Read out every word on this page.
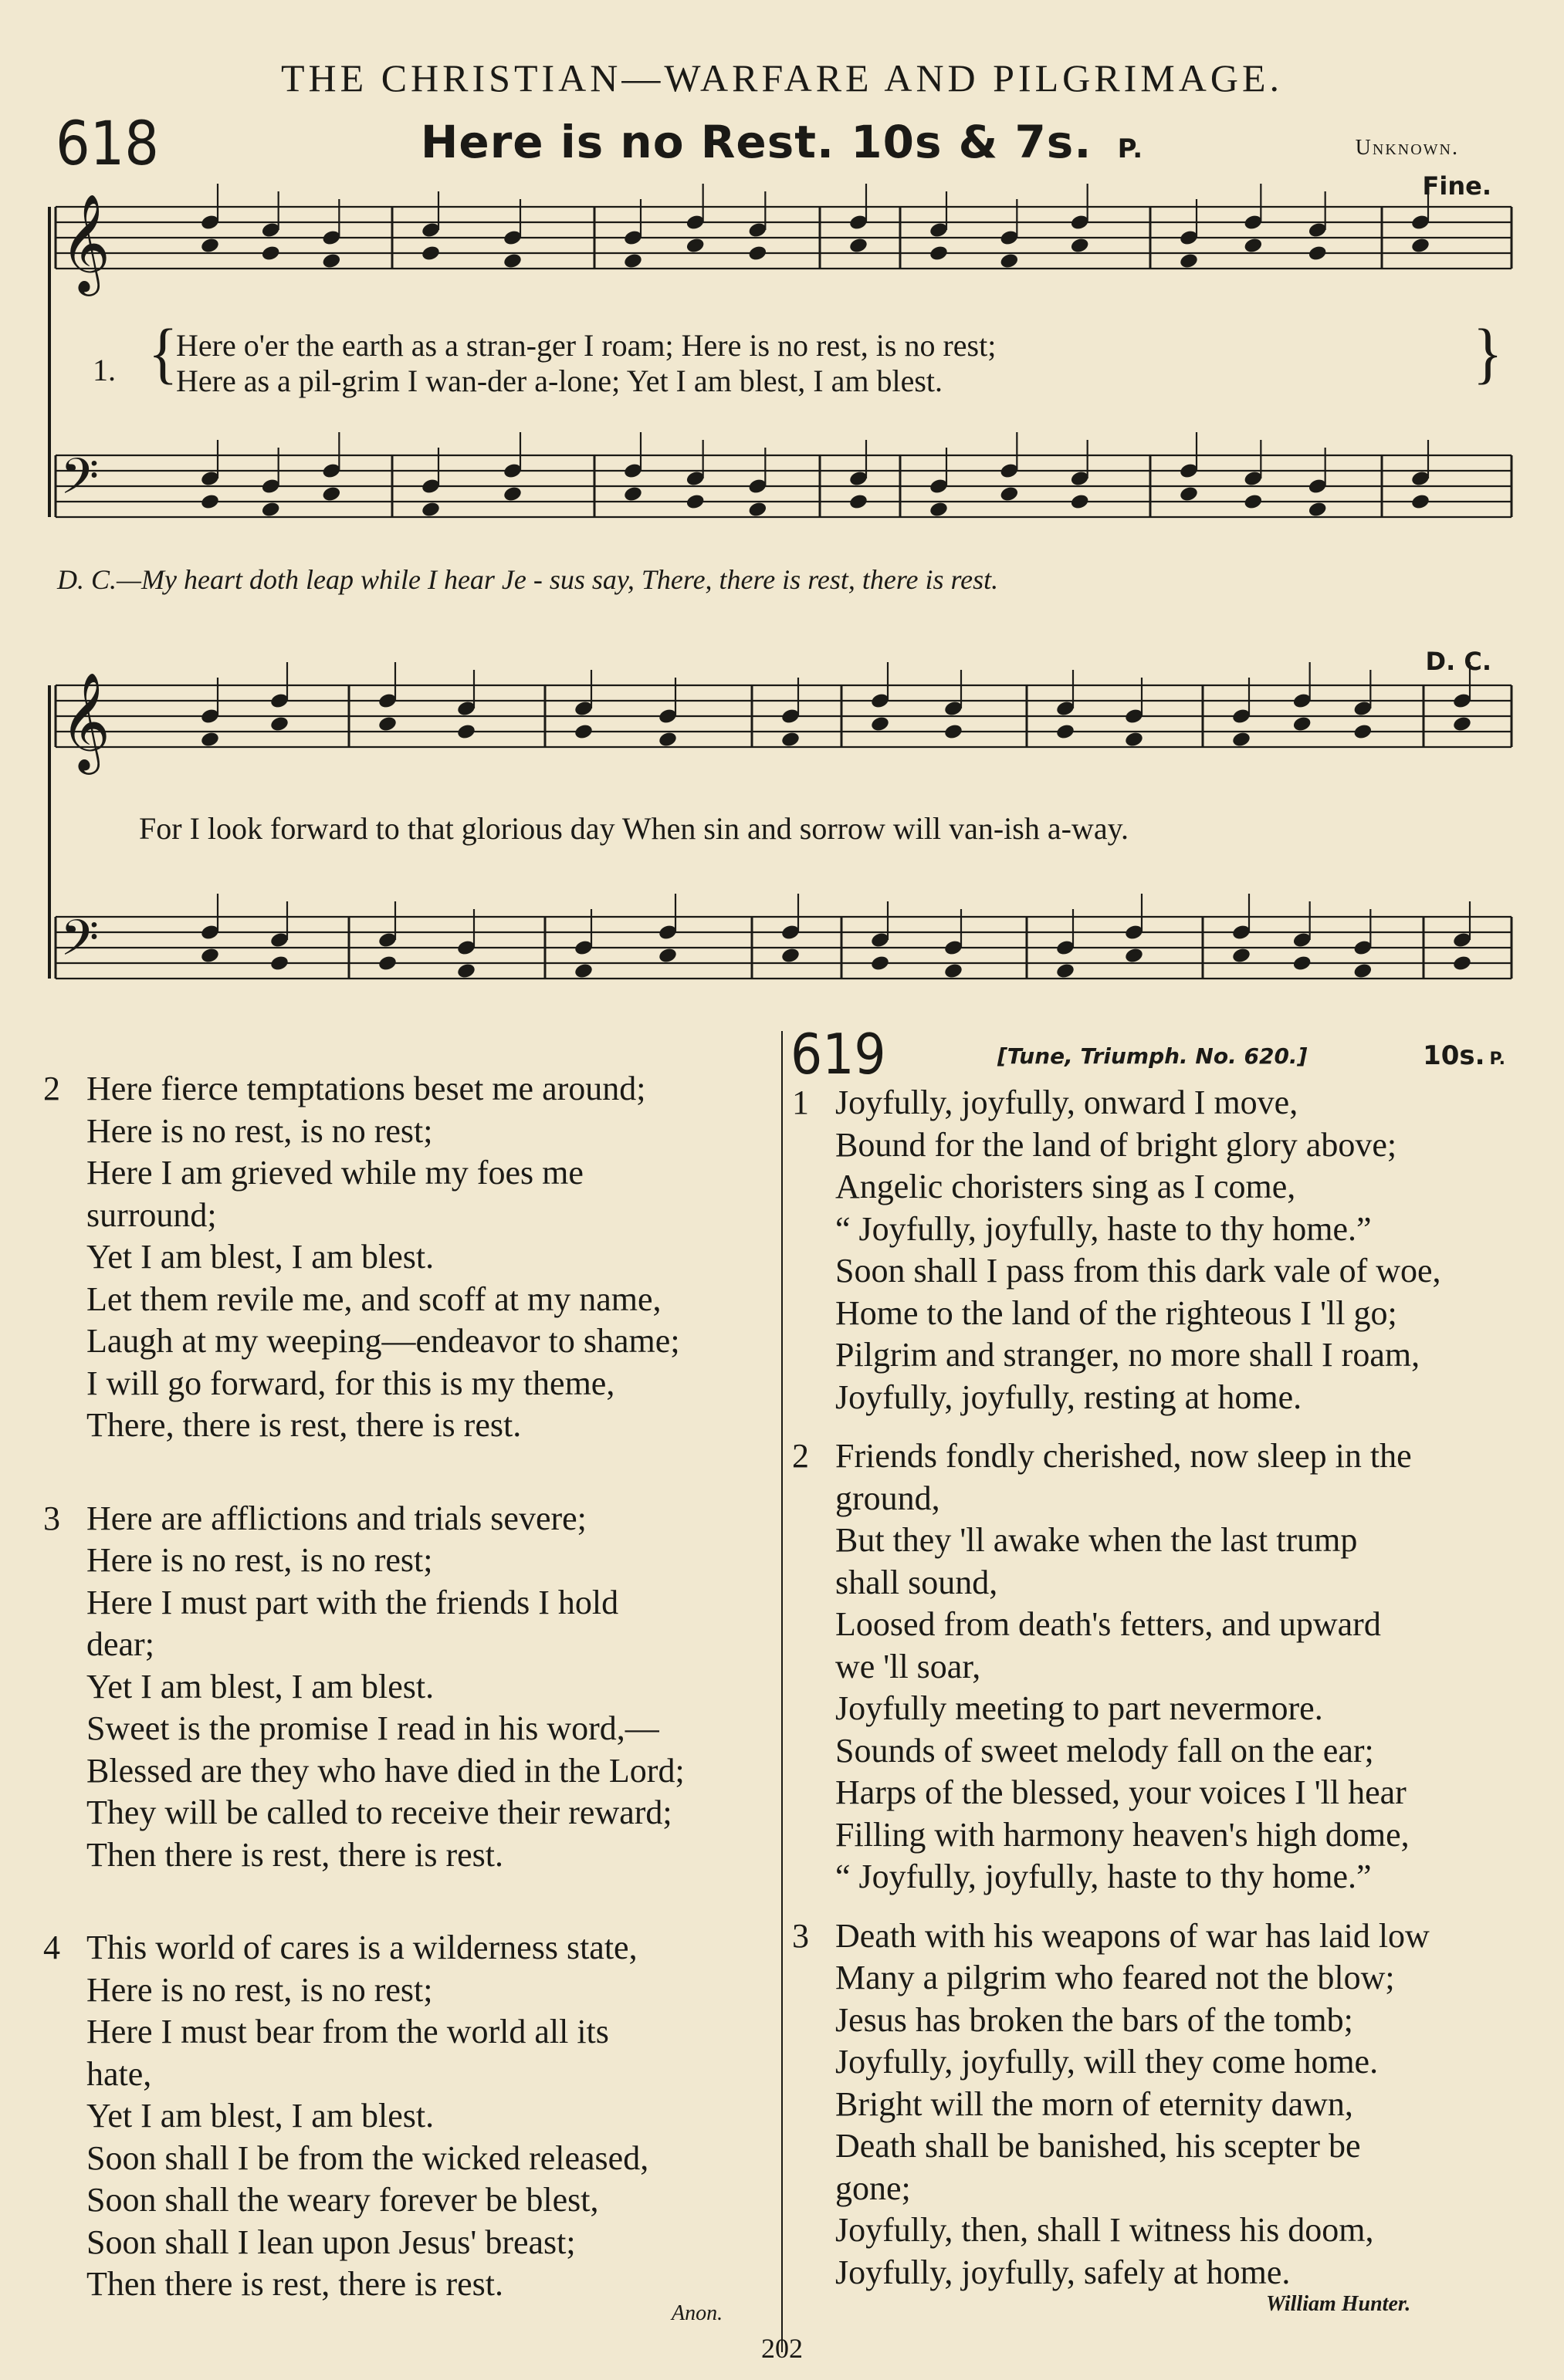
THE CHRISTIAN—WARFARE AND PILGRIMAGE.
618	Here is no Rest. 10s & 7s. P.	Unknown.
Fine.
D. C.
𝄞
𝄢
𝄞
𝄢
1. {	}
Here o'er the earth as a stran-ger I roam; Here is no rest, is no rest;
Here as a pil-grim I wan-der a-lone; Yet I am blest, I am blest.
D. C.—My heart doth leap while I hear Je - sus say, There, there is rest, there is rest.
For I look forward to that glorious day When sin and sorrow will van-ish a-way.
2 Here fierce temptations beset me around;
Here is no rest, is no rest;
Here I am grieved while my foes me
surround;
Yet I am blest, I am blest.
Let them revile me, and scoff at my name,
Laugh at my weeping—endeavor to shame;
I will go forward, for this is my theme,
There, there is rest, there is rest.
3 Here are afflictions and trials severe;
Here is no rest, is no rest;
Here I must part with the friends I hold
dear;
Yet I am blest, I am blest.
Sweet is the promise I read in his word,—
Blessed are they who have died in the Lord;
They will be called to receive their reward;
Then there is rest, there is rest.
4 This world of cares is a wilderness state,
Here is no rest, is no rest;
Here I must bear from the world all its
hate,
Yet I am blest, I am blest.
Soon shall I be from the wicked released,
Soon shall the weary forever be blest,
Soon shall I lean upon Jesus' breast;
Then there is rest, there is rest.
619	[Tune, Triumph. No. 620.]	10s. P.
1 Joyfully, joyfully, onward I move,
Bound for the land of bright glory above;
Angelic choristers sing as I come,
“ Joyfully, joyfully, haste to thy home.”
Soon shall I pass from this dark vale of woe,
Home to the land of the righteous I 'll go;
Pilgrim and stranger, no more shall I roam,
Joyfully, joyfully, resting at home.
2 Friends fondly cherished, now sleep in the
ground,
But they 'll awake when the last trump
shall sound,
Loosed from death's fetters, and upward
we 'll soar,
Joyfully meeting to part nevermore.
Sounds of sweet melody fall on the ear;
Harps of the blessed, your voices I 'll hear
Filling with harmony heaven's high dome,
“ Joyfully, joyfully, haste to thy home.”
3 Death with his weapons of war has laid low
Many a pilgrim who feared not the blow;
Jesus has broken the bars of the tomb;
Joyfully, joyfully, will they come home.
Bright will the morn of eternity dawn,
Death shall be banished, his scepter be
gone;
Joyfully, then, shall I witness his doom,
Joyfully, joyfully, safely at home.
Anon.	William Hunter.
202
